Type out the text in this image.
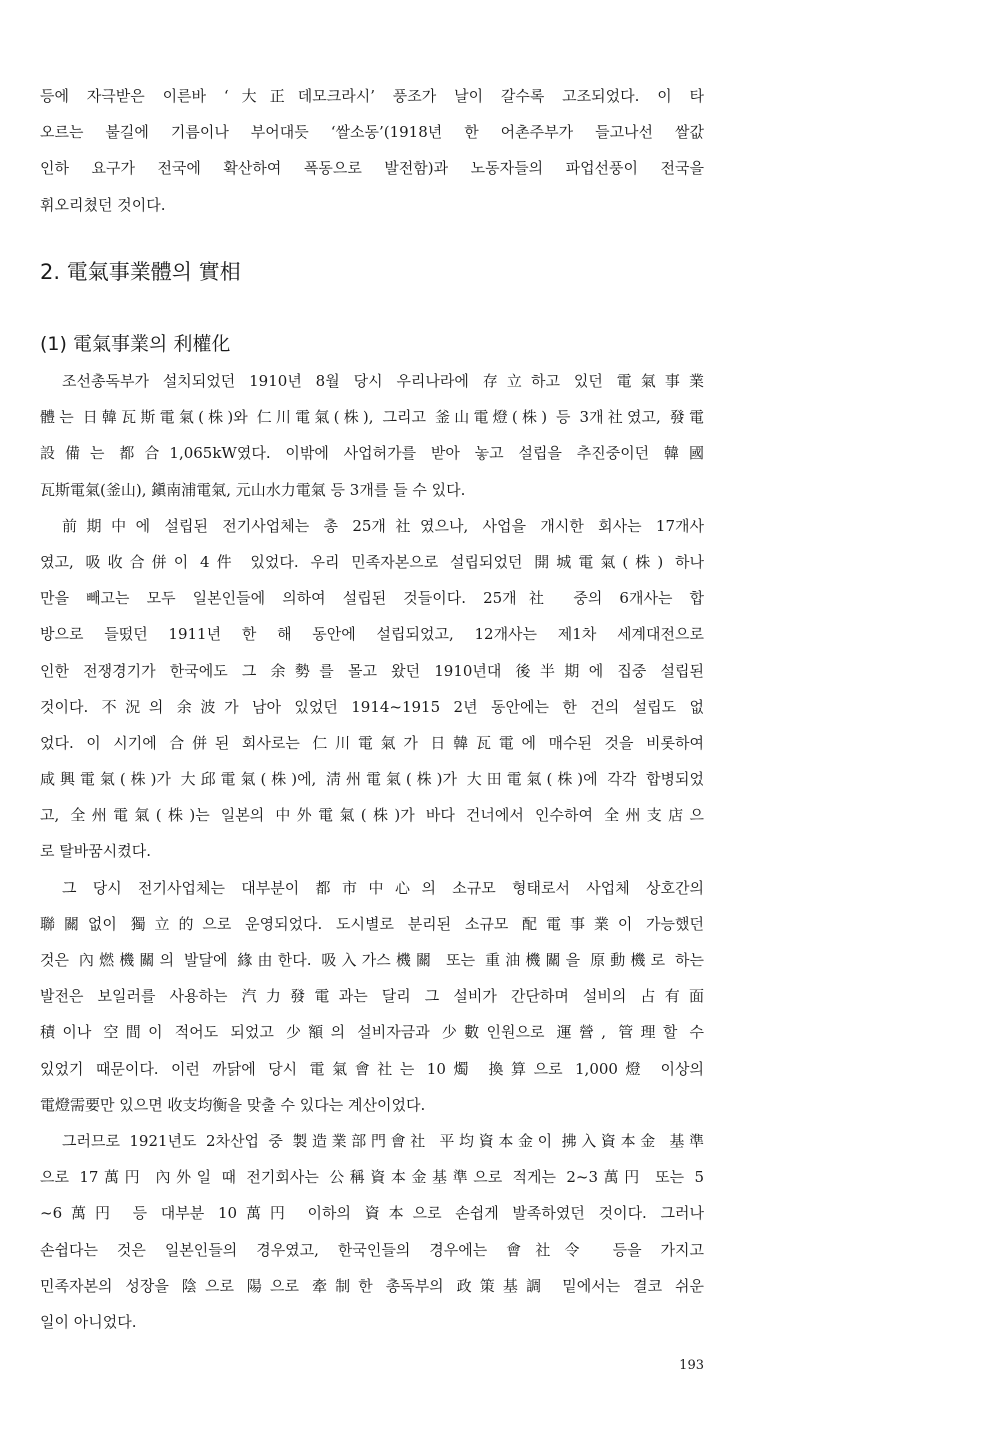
등에 자극받은 이른바 ‘大正데모크라시’ 풍조가 날이 갈수록 고조되었다. 이 타
오르는 불길에 기름이나 부어대듯 ‘쌀소동’(1918년 한 어촌주부가 들고나선 쌀값
인하 요구가 전국에 확산하여 폭동으로 발전함)과 노동자들의 파업선풍이 전국을
휘오리쳤던 것이다.
2. 電氣事業體의 實相
(1) 電氣事業의 利權化
조선총독부가 설치되었던 1910년 8월 당시 우리나라에 存立하고 있던 電氣事業
體는 日韓瓦斯電氣(株)와 仁川電氣(株), 그리고 釜山電燈(株) 등 3개社였고, 發電
設備는 都合1,065kW였다. 이밖에 사업허가를 받아 놓고 설립을 추진중이던 韓國
瓦斯電氣(釜山), 鎭南浦電氣, 元山水力電氣 등 3개를 들 수 있다.
前期中에 설립된 전기사업체는 총 25개社였으나, 사업을 개시한 회사는 17개사
였고, 吸收合併이 4件 있었다. 우리 민족자본으로 설립되었던 開城電氣(株) 하나
만을 빼고는 모두 일본인들에 의하여 설립된 것들이다. 25개社 중의 6개사는 합
방으로 들떴던 1911년 한 해 동안에 설립되었고, 12개사는 제1차 세계대전으로
인한 전쟁경기가 한국에도 그 余勢를 몰고 왔던 1910년대 後半期에 집중 설립된
것이다. 不況의 余波가 남아 있었던 1914~1915 2년 동안에는 한 건의 설립도 없
었다. 이 시기에 合併된 회사로는 仁川電氣가 日韓瓦電에 매수된 것을 비롯하여
咸興電氣(株)가 大邱電氣(株)에, 淸州電氣(株)가 大田電氣(株)에 각각 합병되었
고, 全州電氣(株)는 일본의 中外電氣(株)가 바다 건너에서 인수하여 全州支店으
로 탈바꿈시켰다.
그 당시 전기사업체는 대부분이 都市中心의 소규모 형태로서 사업체 상호간의
聯關없이 獨立的으로 운영되었다. 도시별로 분리된 소규모 配電事業이 가능했던
것은 內燃機關의 발달에 緣由한다. 吸入가스機關 또는 重油機關을 原動機로 하는
발전은 보일러를 사용하는 汽力發電과는 달리 그 설비가 간단하며 설비의 占有面
積이나 空間이 적어도 되었고 少額의 설비자금과 少數인원으로 運營, 管理할 수
있었기 때문이다. 이런 까닭에 당시 電氣會社는 10燭 換算으로 1,000燈 이상의
電燈需要만 있으면 收支均衡을 맞출 수 있다는 계산이었다.
그러므로 1921년도 2차산업 중 製造業部門會社 平均資本金이 拂入資本金 基準
으로 17萬円 內外일 때 전기회사는 公稱資本金基準으로 적게는 2~3萬円 또는 5
~6萬円 등 대부분 10萬円 이하의 資本으로 손쉽게 발족하였던 것이다. 그러나
손쉽다는 것은 일본인들의 경우였고, 한국인들의 경우에는 會社令 등을 가지고
민족자본의 성장을 陰으로 陽으로 牽制한 총독부의 政策基調 밑에서는 결코 쉬운
일이 아니었다.
193
